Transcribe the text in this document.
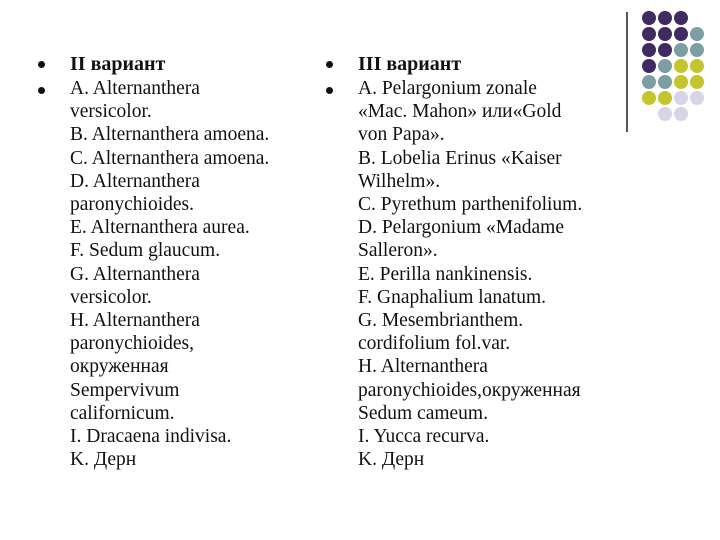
II вариант
A. Alternanthera
versicolor.
B. Alternanthera amoena.
C. Alternanthera amoena.
D. Alternanthera
paronychioides.
E. Alternanthera aurea.
F. Sedum glaucum.
G. Alternanthera
versicolor.
H. Alternanthera
paronychioides,
окруженная
Sempervivum
californicum.
I. Dracaena indivisa.
K. Дерн
III вариант
A. Pelargonium zonale
«Mac. Mahon» или«Gold
von Papa».
B. Lobelia Erinus «Kaiser
Wilhelm».
C. Pyrethum parthenifolium.
D. Pelargonium «Madame
Salleron».
E. Perilla nankinensis.
F. Gnaphalium lanatum.
G. Mesembrianthem.
cordifolium fol.var.
H. Alternanthera
paronychioides,окруженная
Sedum cameum.
I. Yucca recurva.
K. Дерн
